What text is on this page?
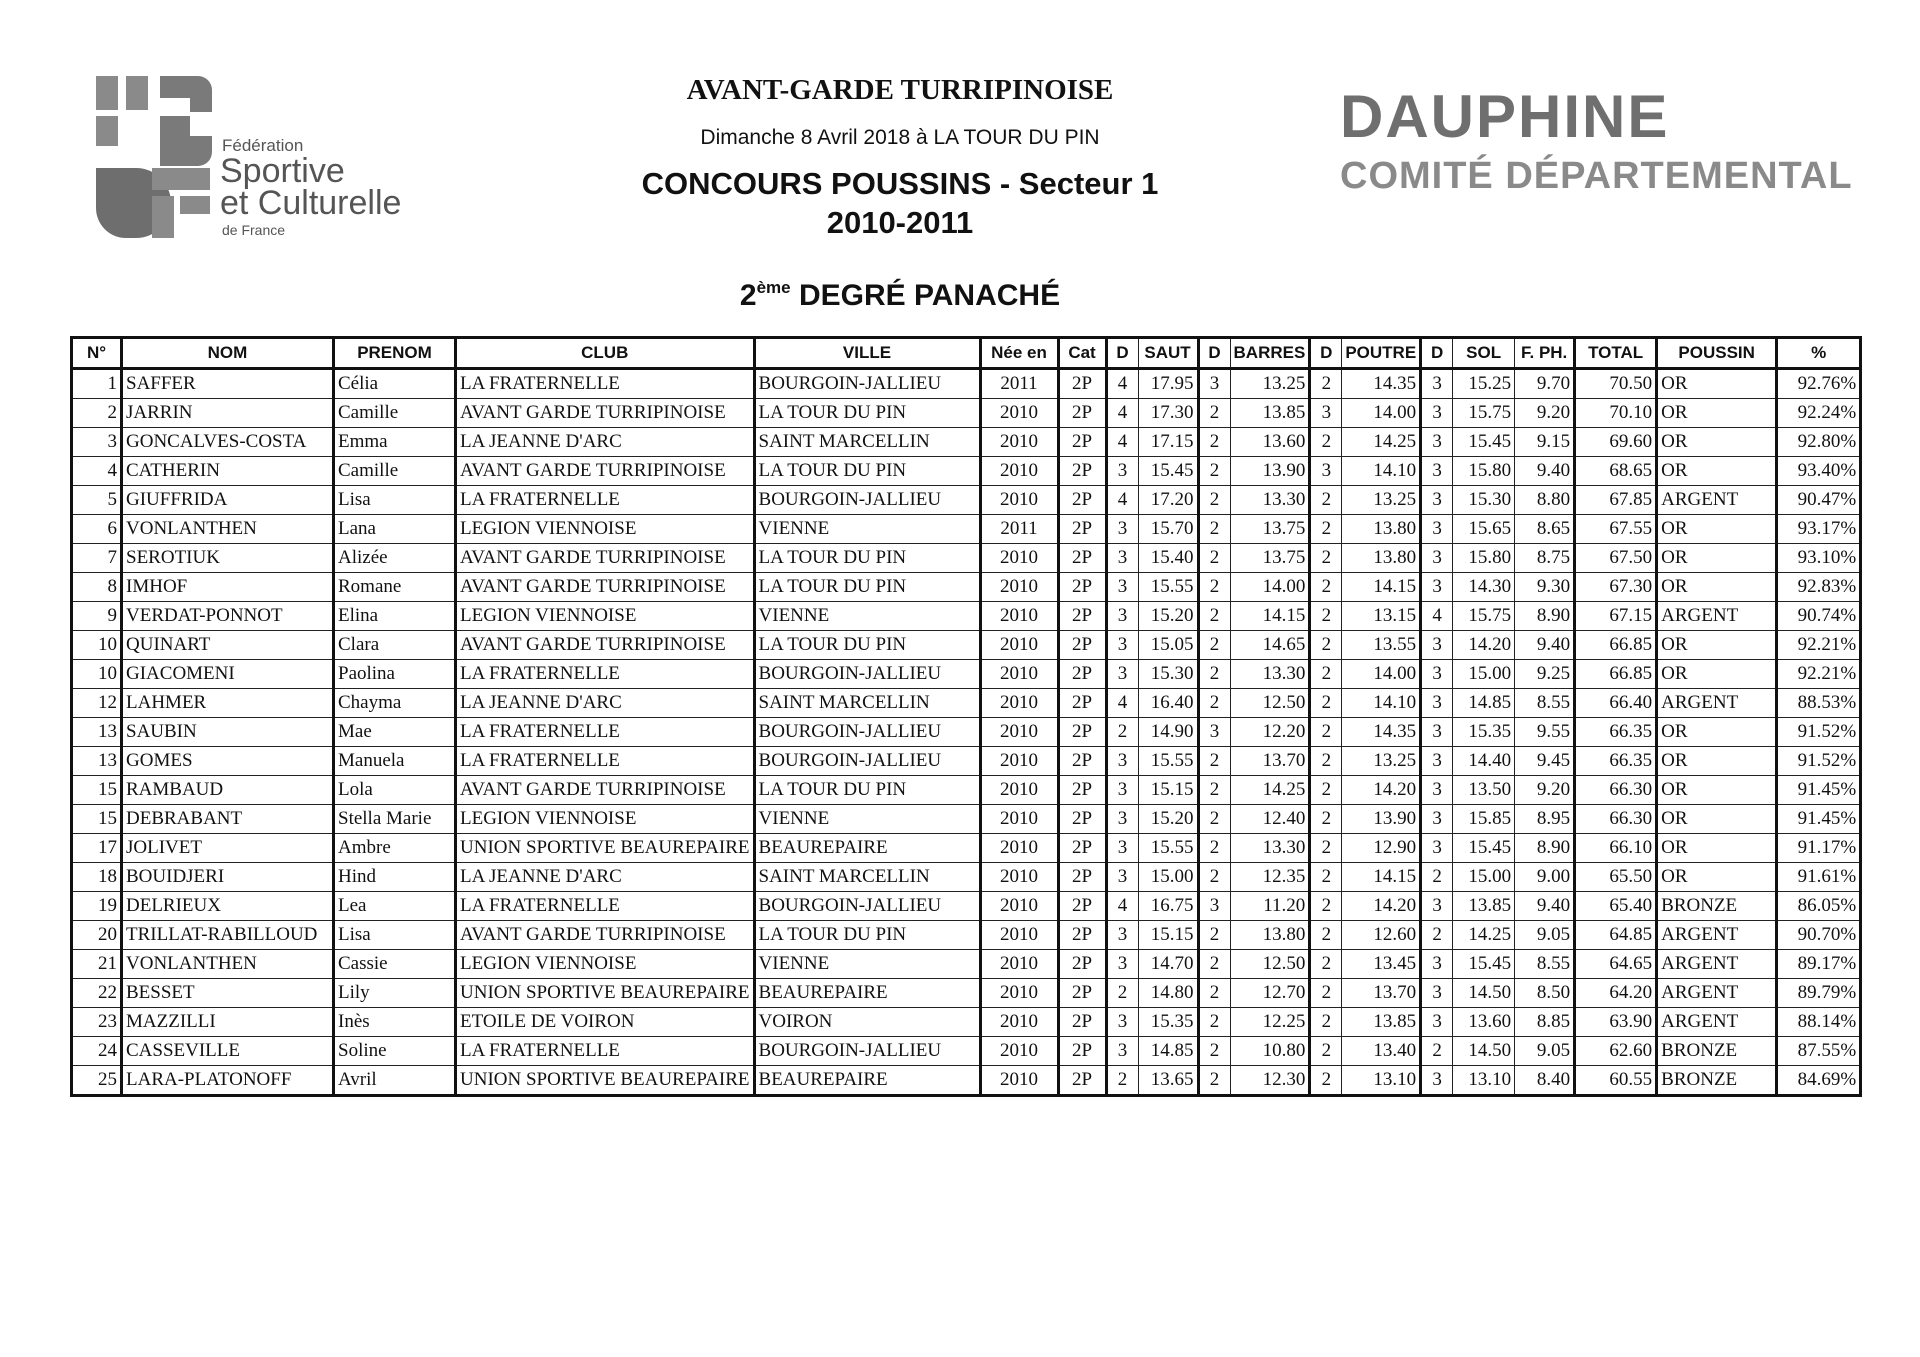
Fédération
Sportive
et Culturelle
de France
AVANT-GARDE TURRIPINOISE
Dimanche 8 Avril 2018 à LA TOUR DU PIN
CONCOURS POUSSINS - Secteur 1
2010-2011
2ème DEGRÉ PANACHÉ
DAUPHINE
COMITÉ DÉPARTEMENTAL
N°	NOM	PRENOM	CLUB	VILLE	Née en	Cat	D	SAUT	D	BARRES	D	POUTRE	D	SOL	F. PH.	TOTAL	POUSSIN	%
1	SAFFER	Célia	LA FRATERNELLE	BOURGOIN-JALLIEU	2011	2P	4	17.95	3	13.25	2	14.35	3	15.25	9.70	70.50	OR	92.76%
2	JARRIN	Camille	AVANT GARDE TURRIPINOISE	LA TOUR DU PIN	2010	2P	4	17.30	2	13.85	3	14.00	3	15.75	9.20	70.10	OR	92.24%
3	GONCALVES-COSTA	Emma	LA JEANNE D'ARC	SAINT MARCELLIN	2010	2P	4	17.15	2	13.60	2	14.25	3	15.45	9.15	69.60	OR	92.80%
4	CATHERIN	Camille	AVANT GARDE TURRIPINOISE	LA TOUR DU PIN	2010	2P	3	15.45	2	13.90	3	14.10	3	15.80	9.40	68.65	OR	93.40%
5	GIUFFRIDA	Lisa	LA FRATERNELLE	BOURGOIN-JALLIEU	2010	2P	4	17.20	2	13.30	2	13.25	3	15.30	8.80	67.85	ARGENT	90.47%
6	VONLANTHEN	Lana	LEGION VIENNOISE	VIENNE	2011	2P	3	15.70	2	13.75	2	13.80	3	15.65	8.65	67.55	OR	93.17%
7	SEROTIUK	Alizée	AVANT GARDE TURRIPINOISE	LA TOUR DU PIN	2010	2P	3	15.40	2	13.75	2	13.80	3	15.80	8.75	67.50	OR	93.10%
8	IMHOF	Romane	AVANT GARDE TURRIPINOISE	LA TOUR DU PIN	2010	2P	3	15.55	2	14.00	2	14.15	3	14.30	9.30	67.30	OR	92.83%
9	VERDAT-PONNOT	Elina	LEGION VIENNOISE	VIENNE	2010	2P	3	15.20	2	14.15	2	13.15	4	15.75	8.90	67.15	ARGENT	90.74%
10	QUINART	Clara	AVANT GARDE TURRIPINOISE	LA TOUR DU PIN	2010	2P	3	15.05	2	14.65	2	13.55	3	14.20	9.40	66.85	OR	92.21%
10	GIACOMENI	Paolina	LA FRATERNELLE	BOURGOIN-JALLIEU	2010	2P	3	15.30	2	13.30	2	14.00	3	15.00	9.25	66.85	OR	92.21%
12	LAHMER	Chayma	LA JEANNE D'ARC	SAINT MARCELLIN	2010	2P	4	16.40	2	12.50	2	14.10	3	14.85	8.55	66.40	ARGENT	88.53%
13	SAUBIN	Mae	LA FRATERNELLE	BOURGOIN-JALLIEU	2010	2P	2	14.90	3	12.20	2	14.35	3	15.35	9.55	66.35	OR	91.52%
13	GOMES	Manuela	LA FRATERNELLE	BOURGOIN-JALLIEU	2010	2P	3	15.55	2	13.70	2	13.25	3	14.40	9.45	66.35	OR	91.52%
15	RAMBAUD	Lola	AVANT GARDE TURRIPINOISE	LA TOUR DU PIN	2010	2P	3	15.15	2	14.25	2	14.20	3	13.50	9.20	66.30	OR	91.45%
15	DEBRABANT	Stella Marie	LEGION VIENNOISE	VIENNE	2010	2P	3	15.20	2	12.40	2	13.90	3	15.85	8.95	66.30	OR	91.45%
17	JOLIVET	Ambre	UNION SPORTIVE BEAUREPAIRE	BEAUREPAIRE	2010	2P	3	15.55	2	13.30	2	12.90	3	15.45	8.90	66.10	OR	91.17%
18	BOUIDJERI	Hind	LA JEANNE D'ARC	SAINT MARCELLIN	2010	2P	3	15.00	2	12.35	2	14.15	2	15.00	9.00	65.50	OR	91.61%
19	DELRIEUX	Lea	LA FRATERNELLE	BOURGOIN-JALLIEU	2010	2P	4	16.75	3	11.20	2	14.20	3	13.85	9.40	65.40	BRONZE	86.05%
20	TRILLAT-RABILLOUD	Lisa	AVANT GARDE TURRIPINOISE	LA TOUR DU PIN	2010	2P	3	15.15	2	13.80	2	12.60	2	14.25	9.05	64.85	ARGENT	90.70%
21	VONLANTHEN	Cassie	LEGION VIENNOISE	VIENNE	2010	2P	3	14.70	2	12.50	2	13.45	3	15.45	8.55	64.65	ARGENT	89.17%
22	BESSET	Lily	UNION SPORTIVE BEAUREPAIRE	BEAUREPAIRE	2010	2P	2	14.80	2	12.70	2	13.70	3	14.50	8.50	64.20	ARGENT	89.79%
23	MAZZILLI	Inès	ETOILE DE VOIRON	VOIRON	2010	2P	3	15.35	2	12.25	2	13.85	3	13.60	8.85	63.90	ARGENT	88.14%
24	CASSEVILLE	Soline	LA FRATERNELLE	BOURGOIN-JALLIEU	2010	2P	3	14.85	2	10.80	2	13.40	2	14.50	9.05	62.60	BRONZE	87.55%
25	LARA-PLATONOFF	Avril	UNION SPORTIVE BEAUREPAIRE	BEAUREPAIRE	2010	2P	2	13.65	2	12.30	2	13.10	3	13.10	8.40	60.55	BRONZE	84.69%
